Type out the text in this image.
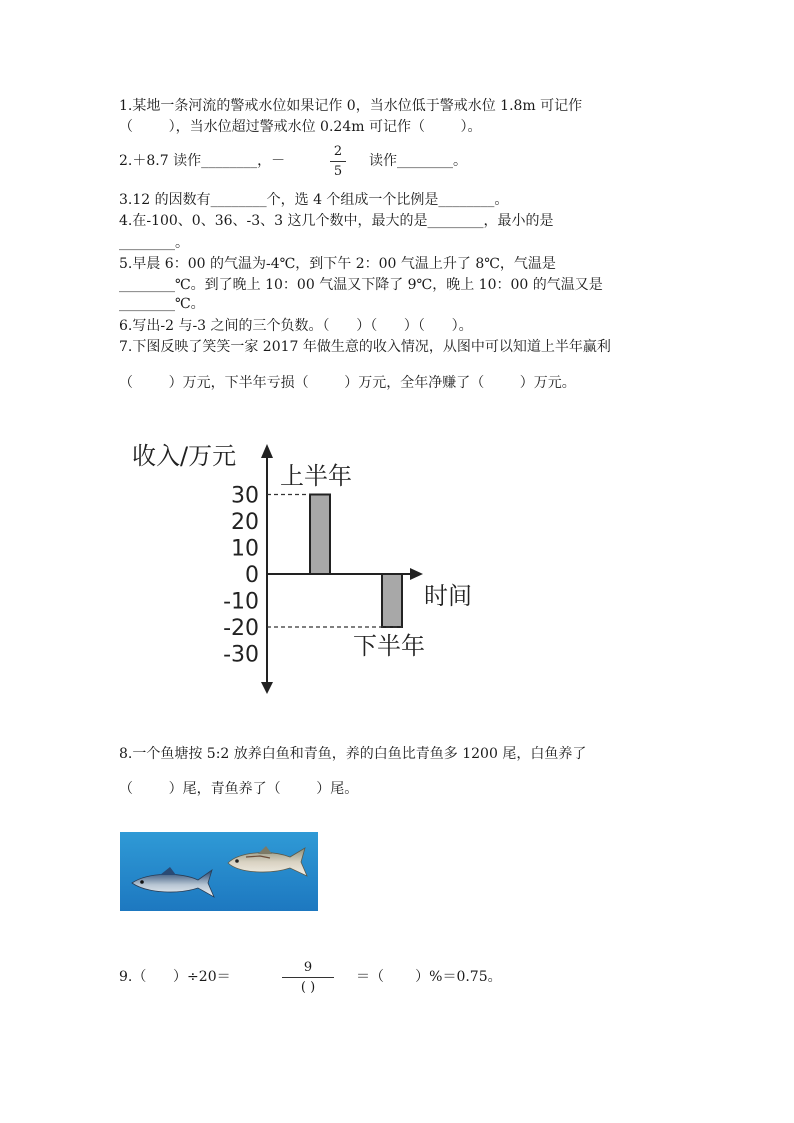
1.某地一条河流的警戒水位如果记作 0，当水位低于警戒水位 1.8m 可记作
（        ），当水位超过警戒水位 0.24m 可记作（        ）。
2.＋8.7 读作________，－
2
5
读作________。
3.12 的因数有________个，选 4 个组成一个比例是________。
4.在-100、0、36、-3、3 这几个数中，最大的是________，最小的是
________。
5.早晨 6：00 的气温为-4℃，到下午 2：00 气温上升了 8℃，气温是
________℃。到了晚上 10：00 气温又下降了 9℃，晚上 10：00 的气温又是
________℃。
6.写出-2 与-3 之间的三个负数。（      ）（      ）（      ）。
7.下图反映了笑笑一家 2017 年做生意的收入情况，从图中可以知道上半年赢利
（        ）万元，下半年亏损（        ）万元，全年净赚了（        ）万元。
收入/万元
时间
30
20
10
0
-10
-20
-30
上半年
下半年
8.一个鱼塘按 5:2 放养白鱼和青鱼，养的白鱼比青鱼多 1200 尾，白鱼养了
（        ）尾，青鱼养了（        ）尾。
9.（      ）÷20＝
9
( )
＝（       ）%＝0.75。
